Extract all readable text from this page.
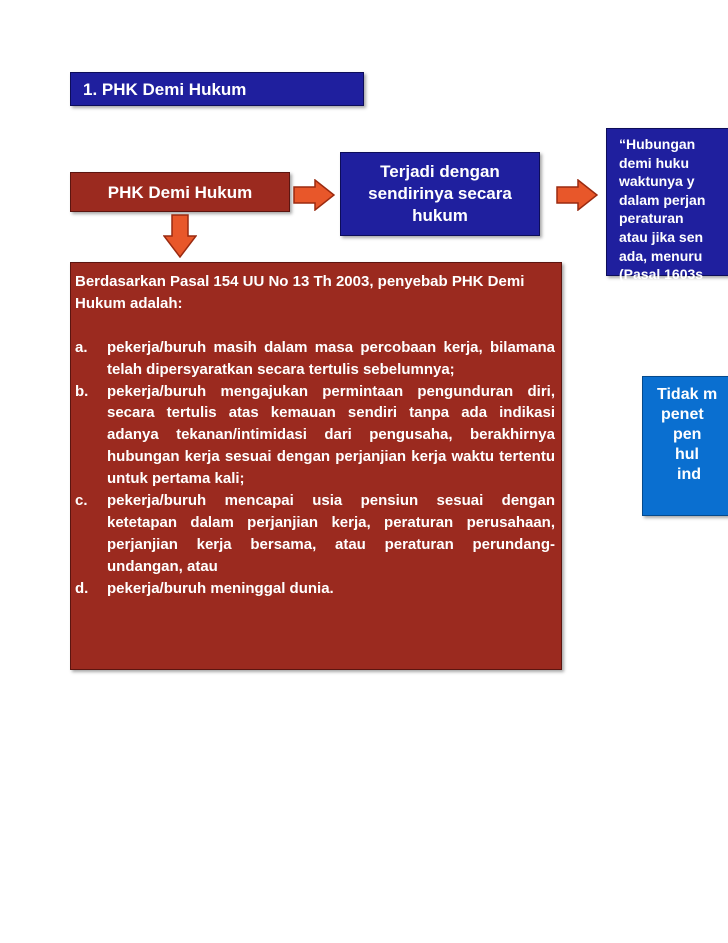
1. PHK Demi Hukum
PHK Demi Hukum
Terjadi dengan sendirinya secara hukum
“Hubungan
demi huku
waktunya y
dalam perjan
peraturan
atau jika sen
ada, menuru
(Pasal 1603s
Berdasarkan Pasal 154 UU No 13 Th 2003, penyebab PHK Demi Hukum adalah:
a.	pekerja/buruh masih dalam masa percobaan kerja, bilamana telah dipersyaratkan secara tertulis sebelumnya;
b.	pekerja/buruh mengajukan permintaan pengunduran diri, secara tertulis atas kemauan sendiri tanpa ada indikasi adanya tekanan/intimidasi dari pengusaha, berakhirnya hubungan kerja sesuai dengan perjanjian kerja waktu tertentu untuk pertama kali;
c.	pekerja/buruh mencapai usia pensiun sesuai dengan ketetapan dalam perjanjian kerja, peraturan perusahaan, perjanjian kerja bersama, atau peraturan perundang-undangan, atau
d.	pekerja/buruh meninggal dunia.
Tidak m
penet
pen
hul
ind
